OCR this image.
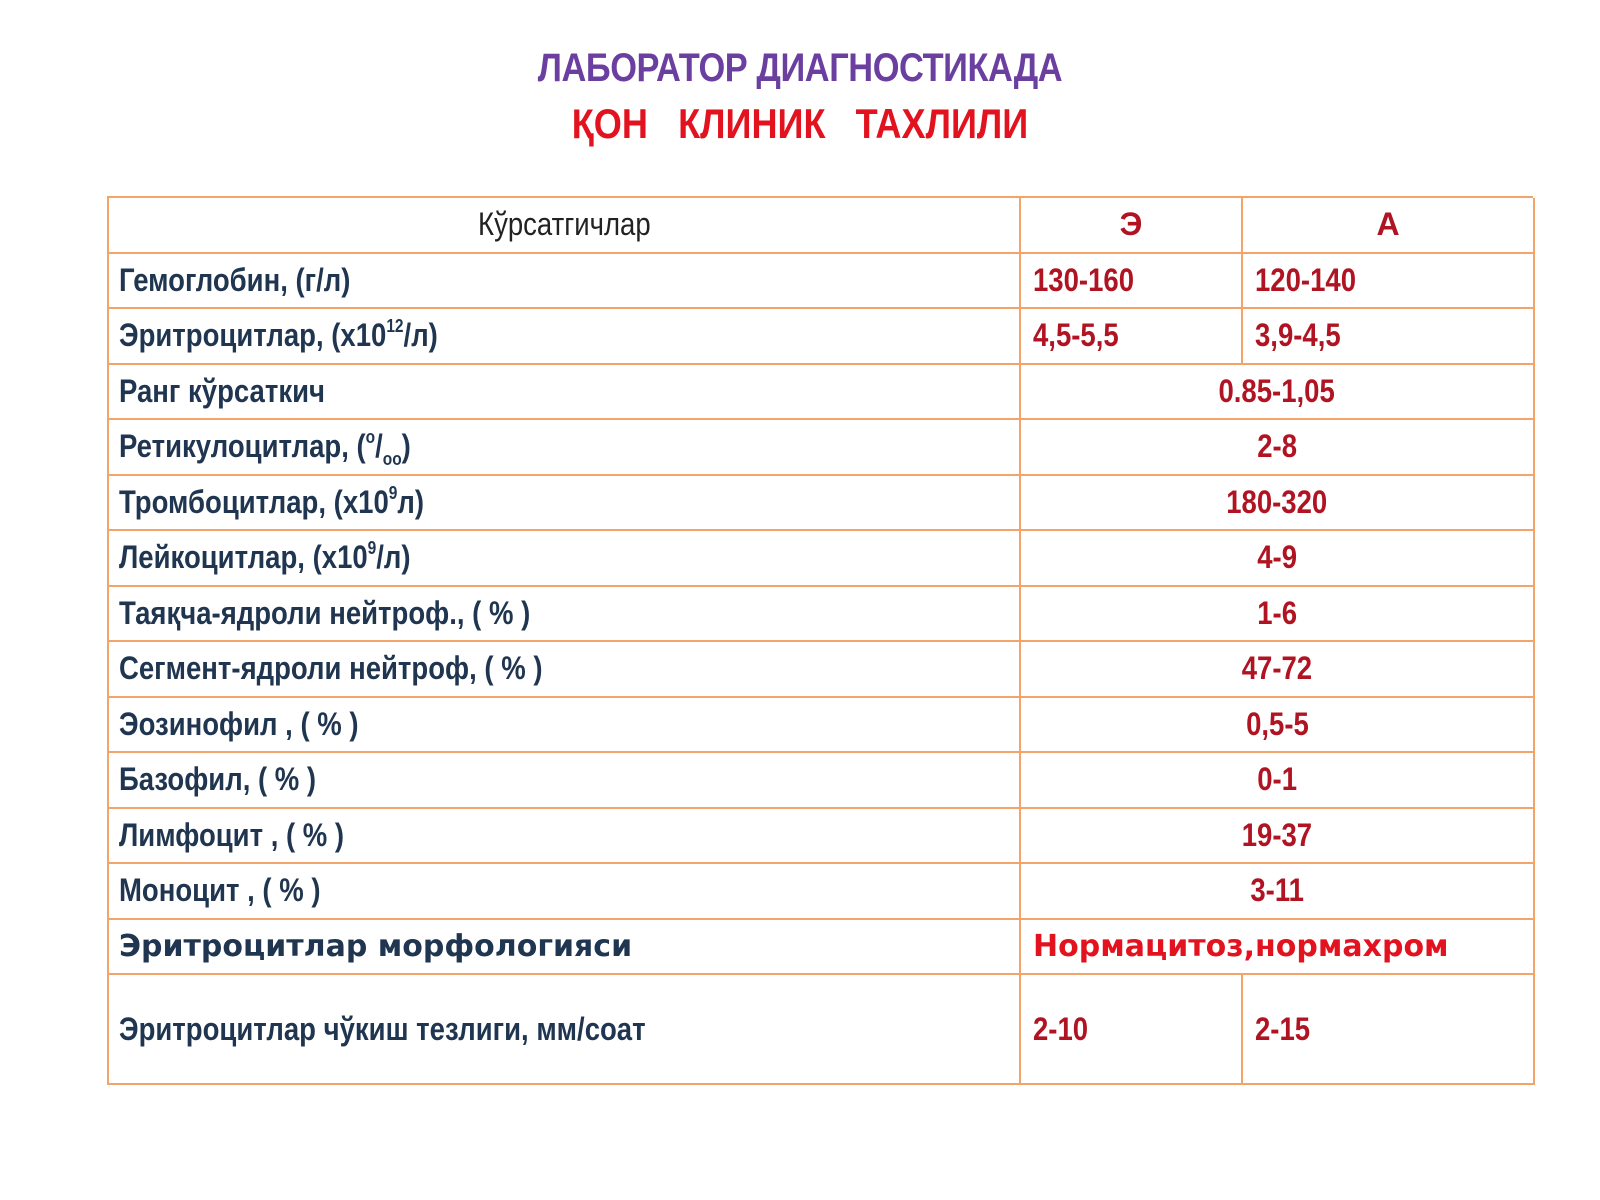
ЛАБОРАТОР ДИАГНОСТИКАДА
ҚОН   КЛИНИК   ТАХЛИЛИ
Кўрсатгичлар	Э	А
Гемоглобин, (г/л)	130-160	120-140
Эритроцитлар, $(х10^{12}/л)$	4,5-5,5	3,9-4,5
Ранг кўрсаткич	0.85-1,05
Ретикулоцитлар, $(^о/_{оо})$	2-8
Тромбоцитлар, $(х10^9л)$	180-320
Лейкоцитлар, $(х10^9/л)$	4-9
Таяқча-ядроли нейтроф., ( % )	1-6
Сегмент-ядроли нейтроф, ( % )	47-72
Эозинофил , ( % )	0,5-5
Базофил, ( % )	0-1
Лимфоцит , ( % )	19-37
Моноцит , ( % )	3-11
Эритроцитлар морфологияси	Нормацитоз,нормахром
Эритроцитлар чўкиш тезлиги, мм/соат	2-10	2-15
